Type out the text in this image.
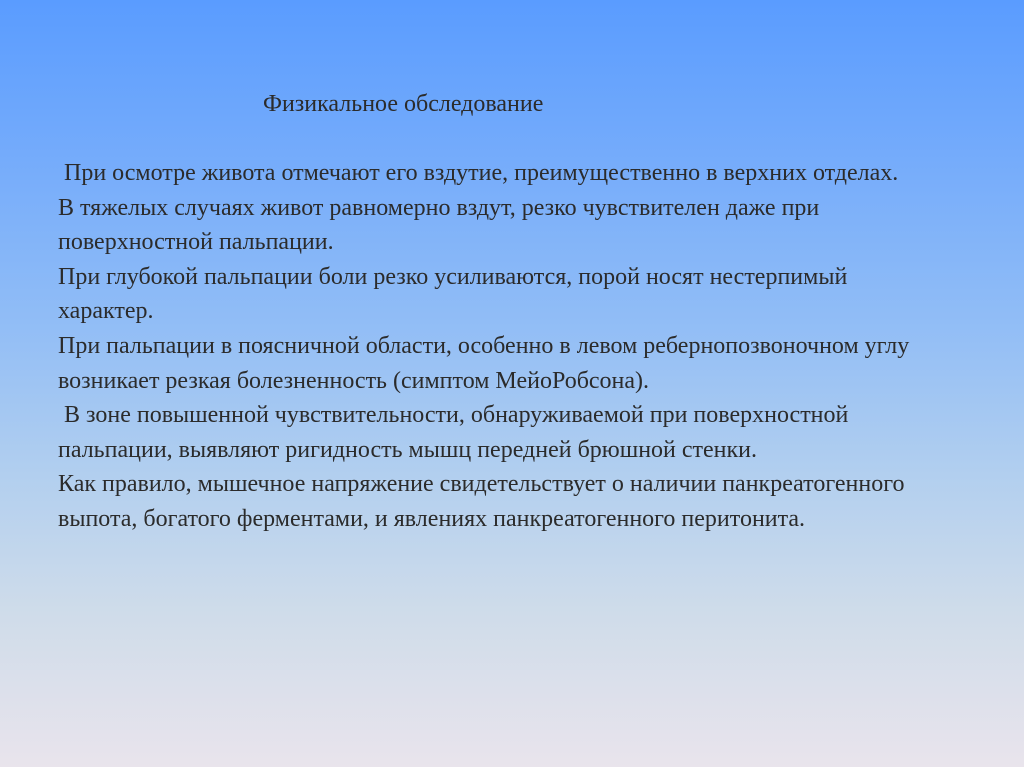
Физикальное обследование
При осмотре живота отмечают его вздутие, преимущественно в верхних отделах.
В тяжелых случаях живот равномерно вздут, резко чувствителен даже при поверхностной пальпации.
При глубокой пальпации боли резко усиливаются, порой носят нестерпимый характер.
При пальпации в поясничной области, особенно в левом ребернопозвоночном углу возникает резкая болезненность (симптом МейоРобсона).
В зоне повышенной чувствительности, обнаруживаемой при поверхностной пальпации, выявляют ригидность мышц передней брюшной стенки.
Как правило, мышечное напряжение свидетельствует о наличии панкреатогенного выпота, богатого ферментами, и явлениях панкреатогенного перитонита.
